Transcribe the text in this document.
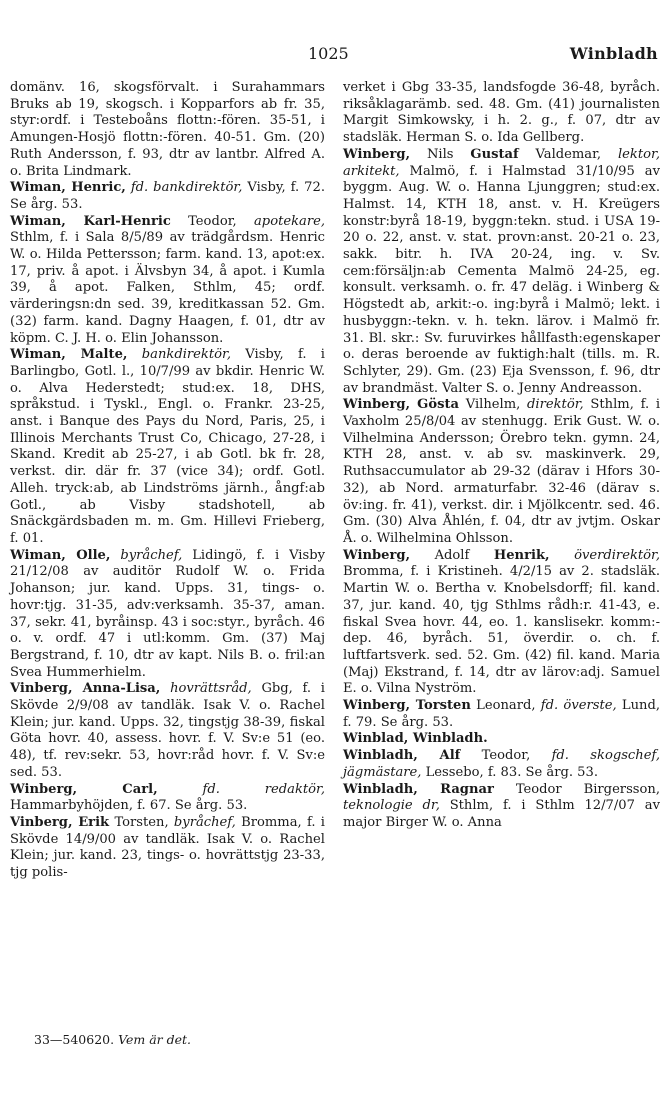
1025	Winbladh

domänv. 16, skogsförvalt. i Surahammars Bruks ab 19, skogsch. i Kopparfors ab fr. 35, styr:ordf. i Testeboåns flottn:-fören. 35-51, i Amungen-Hosjö flottn:-fören. 40-51. Gm. (20) Ruth Andersson, f. 93, dtr av lantbr. Alfred A. o. Brita Lindmark.

Wiman, Henric, fd. bankdirektör, Visby, f. 72. Se årg. 53.

Wiman, Karl-Henric Teodor, apotekare, Sthlm, f. i Sala 8/5/89 av trädgårdsm. Henric W. o. Hilda Pettersson; farm. kand. 13, apot:ex. 17, priv. å apot. i Älvsbyn 34, å apot. i Kumla 39, å apot. Falken, Sthlm, 45; ordf. värderingsn:dn sed. 39, kreditkassan 52. Gm. (32) farm. kand. Dagny Haagen, f. 01, dtr av köpm. C. J. H. o. Elin Johansson.

Wiman, Malte, bankdirektör, Visby, f. i Barlingbo, Gotl. l., 10/7/99 av bkdir. Henric W. o. Alva Hederstedt; stud:ex. 18, DHS, språkstud. i Tyskl., Engl. o. Frankr. 23-25, anst. i Banque des Pays du Nord, Paris, 25, i Illinois Merchants Trust Co, Chicago, 27-28, i Skand. Kredit ab 25-27, i ab Gotl. bk fr. 28, verkst. dir. där fr. 37 (vice 34); ordf. Gotl. Alleh. tryck:ab, ab Lindströms järnh., ångf:ab Gotl., ab Visby stadshotell, ab Snäckgärdsbaden m. m. Gm. Hillevi Frieberg, f. 01.

Wiman, Olle, byråchef, Lidingö, f. i Visby 21/12/08 av auditör Rudolf W. o. Frida Johanson; jur. kand. Upps. 31, tings- o. hovr:tjg. 31-35, adv:verksamh. 35-37, aman. 37, sekr. 41, byråinsp. 43 i soc:styr., byråch. 46 o. v. ordf. 47 i utl:komm. Gm. (37) Maj Bergstrand, f. 10, dtr av kapt. Nils B. o. fril:an Svea Hummerhielm.

Vinberg, Anna-Lisa, hovrättsråd, Gbg, f. i Skövde 2/9/08 av tandläk. Isak V. o. Rachel Klein; jur. kand. Upps. 32, tingstjg 38-39, fiskal Göta hovr. 40, assess. hovr. f. V. Sv:e 51 (eo. 48), tf. rev:sekr. 53, hovr:råd hovr. f. V. Sv:e sed. 53.

Winberg, Carl,	fd. redaktör, Hammarbyhöjden, f. 67. Se årg. 53.

Vinberg, Erik Torsten, byråchef, Bromma, f. i Skövde 14/9/00 av tandläk. Isak V. o. Rachel Klein; jur. kand. 23, tings- o. hovrättstjg 23-33, tjg polis-

verket i Gbg 33-35, landsfogde 36-48, byråch. riksåklagarämb. sed. 48. Gm. (41) journalisten Margit Simkowsky, i h. 2. g., f. 07, dtr av stadsläk. Herman S. o. Ida Gellberg.

Winberg, Nils Gustaf Valdemar, lektor, arkitekt, Malmö, f. i Halmstad 31/10/95 av byggm. Aug. W. o. Hanna Ljunggren; stud:ex. Halmst. 14, KTH 18, anst. v. H. Kreügers konstr:byrå 18-19, byggn:tekn. stud. i USA 19-20 o. 22, anst. v. stat. provn:anst. 20-21 o. 23, sakk. bitr. h. IVA 20-24, ing. v. Sv. cem:försäljn:ab Cementa Malmö 24-25, eg. konsult. verksamh. o. fr. 47 deläg. i Winberg & Högstedt ab, arkit:-o. ing:byrå i Malmö; lekt. i husbyggn:-tekn. v. h. tekn. lärov. i Malmö fr. 31. Bl. skr.: Sv. furuvirkes hållfasth:egenskaper o. deras beroende av fuktigh:halt (tills. m. R. Schlyter, 29). Gm. (23) Eja Svensson, f. 96, dtr av brandmäst. Valter S. o. Jenny Andreasson.

Winberg, Gösta Vilhelm, direktör, Sthlm, f. i Vaxholm 25/8/04 av stenhugg. Erik Gust. W. o. Vilhelmina Andersson; Örebro tekn. gymn. 24, KTH 28, anst. v. ab sv. maskinverk. 29, Ruthsaccumulator ab 29-32 (därav i Hfors 30-32), ab Nord. armaturfabr. 32-46 (därav s. öv:ing. fr. 41), verkst. dir. i Mjölkcentr. sed. 46. Gm. (30) Alva Åhlén, f. 04, dtr av jvtjm. Oskar Å. o. Wilhelmina Ohlsson.

Winberg, Adolf Henrik, överdirektör, Bromma, f. i Kristineh. 4/2/15 av 2. stadsläk. Martin W. o. Bertha v. Knobelsdorff; fil. kand. 37, jur. kand. 40, tjg Sthlms rådh:r. 41-43, e. fiskal Svea hovr. 44, eo. 1. kanslisekr. komm:-dep. 46, byråch. 51, överdir. o. ch. f. luftfartsverk. sed. 52. Gm. (42) fil. kand. Maria (Maj) Ekstrand, f. 14, dtr av lärov:adj. Samuel E. o. Vilna Nyström.

Winberg, Torsten Leonard, fd. överste, Lund, f. 79. Se årg. 53.

Winblad, Winbladh.

Winbladh, Alf Teodor, fd. skogschef, jägmästare, Lessebo, f. 83. Se årg. 53.

Winbladh, Ragnar Teodor Birgersson, teknologie dr, Sthlm, f. i Sthlm 12/7/07 av major Birger W. o. Anna

33—540620. Vem är det.
